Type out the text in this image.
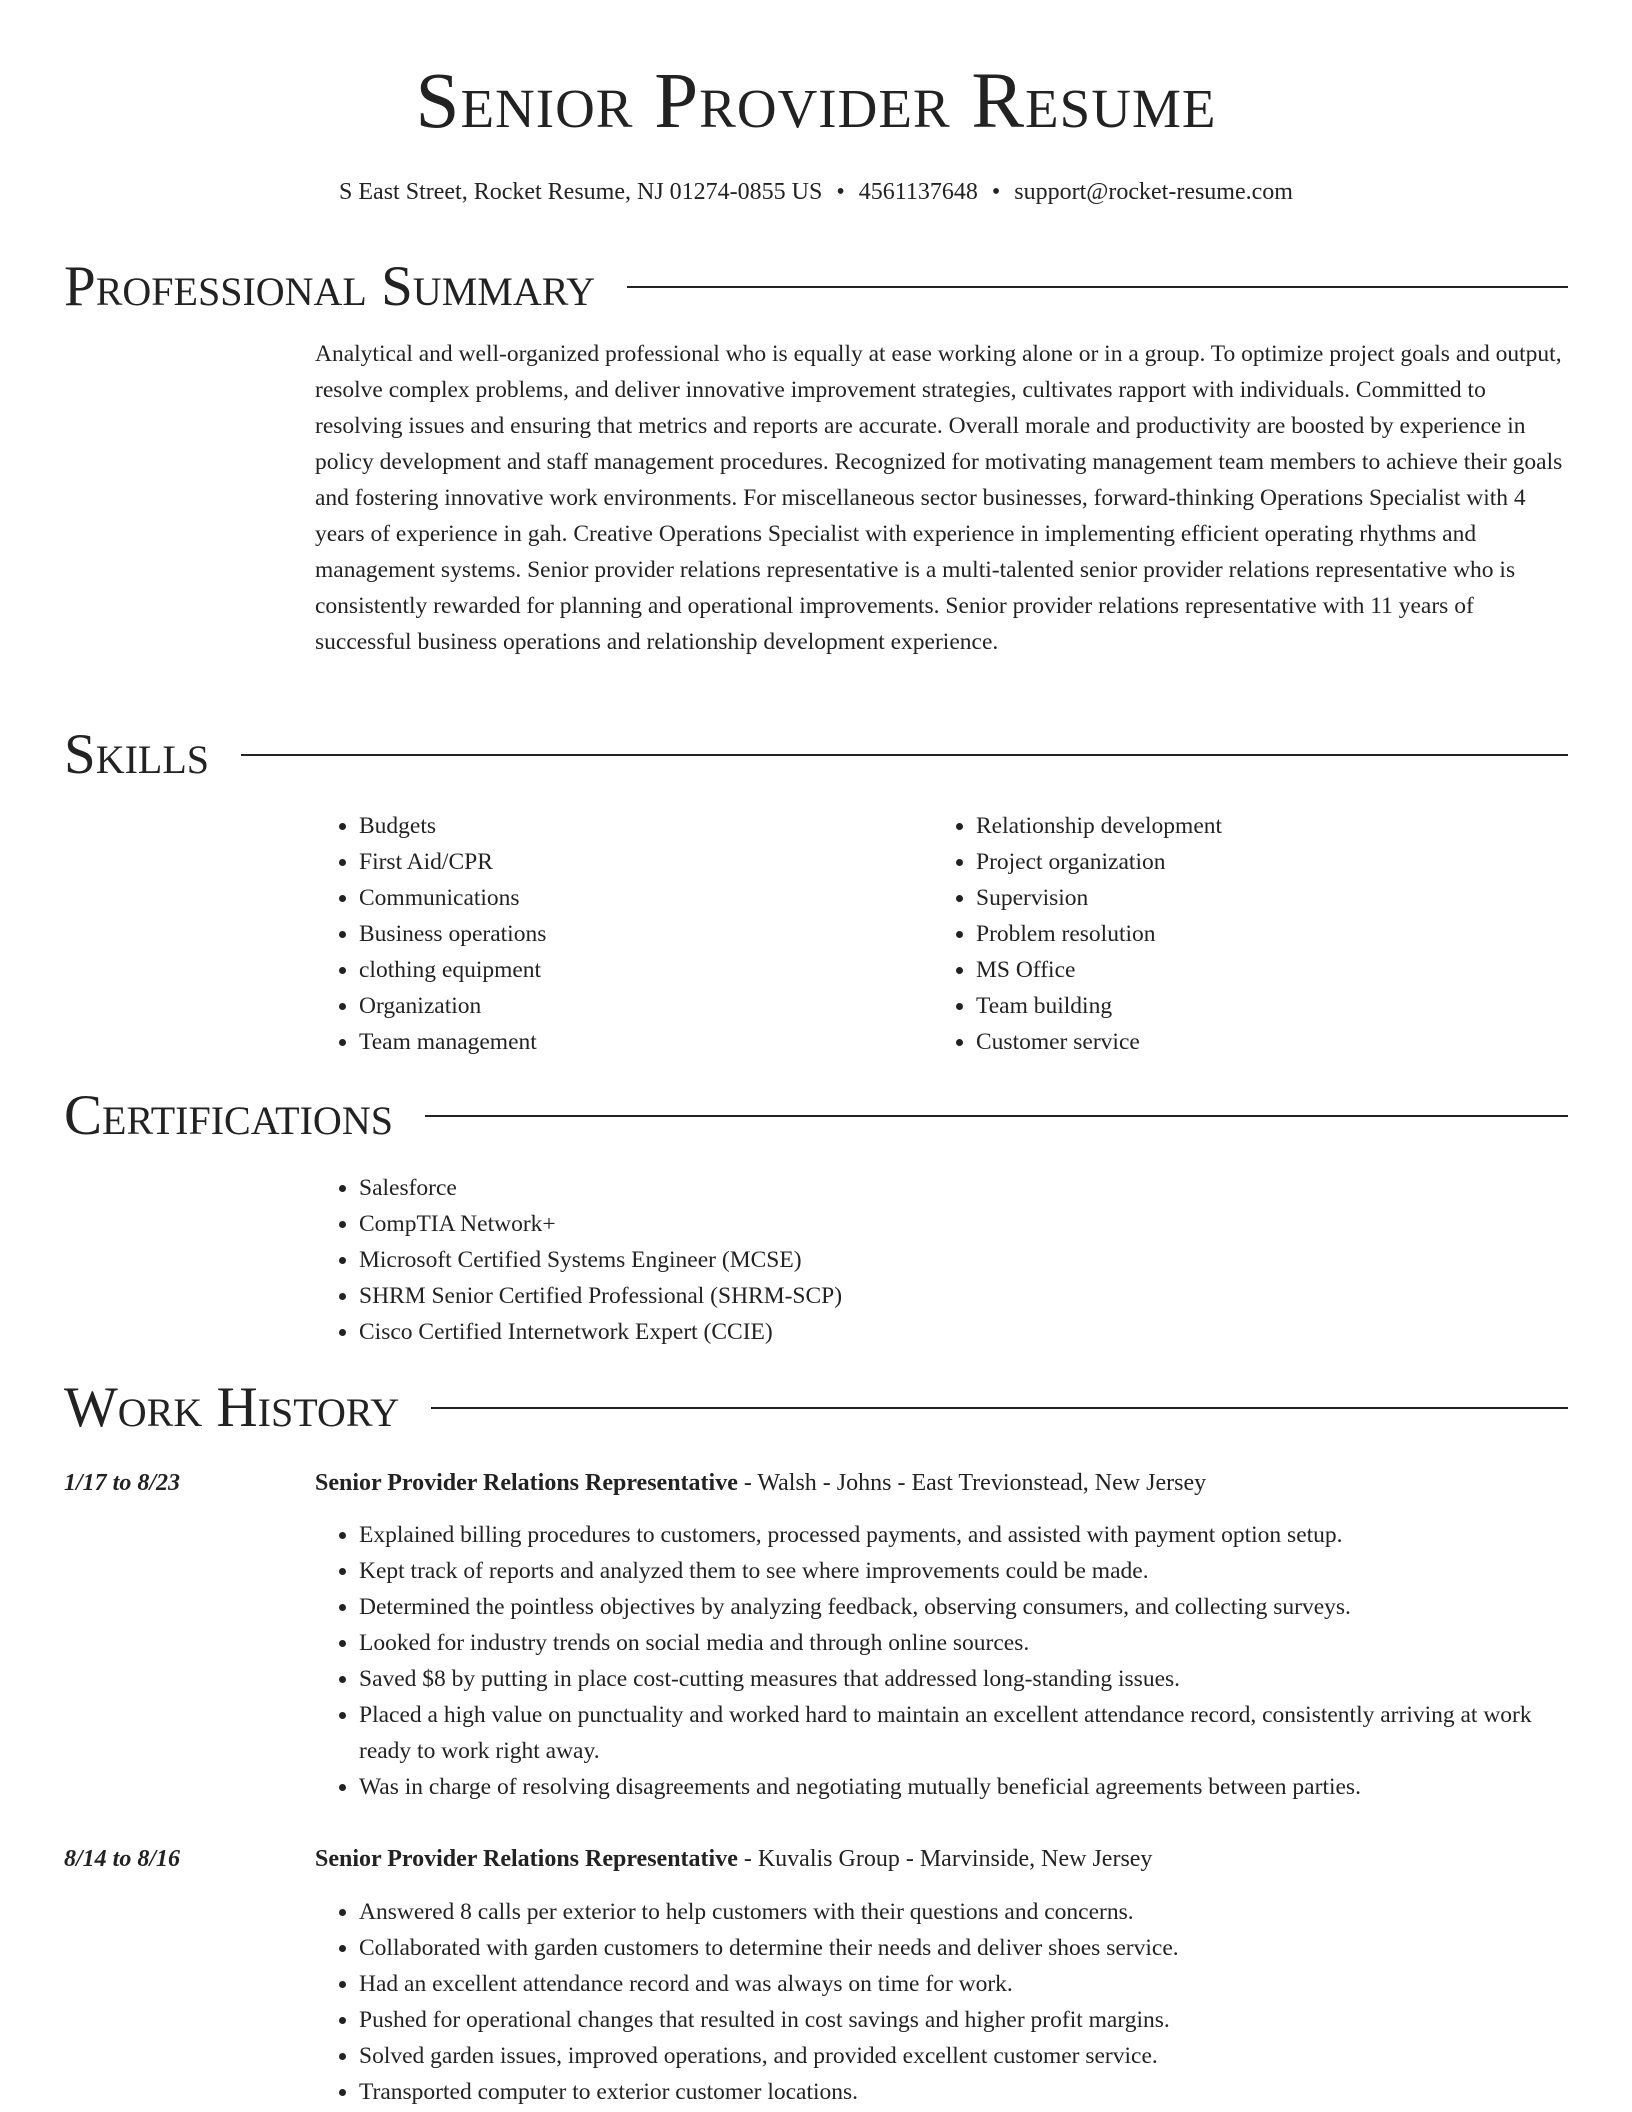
Senior Provider Resume
S East Street, Rocket Resume, NJ 01274-0855 US • 4561137648 • support@rocket-resume.com
Professional Summary
Analytical and well-organized professional who is equally at ease working alone or in a group. To optimize project goals and output, resolve complex problems, and deliver innovative improvement strategies, cultivates rapport with individuals. Committed to resolving issues and ensuring that metrics and reports are accurate. Overall morale and productivity are boosted by experience in policy development and staff management procedures. Recognized for motivating management team members to achieve their goals and fostering innovative work environments. For miscellaneous sector businesses, forward-thinking Operations Specialist with 4 years of experience in gah. Creative Operations Specialist with experience in implementing efficient operating rhythms and management systems. Senior provider relations representative is a multi-talented senior provider relations representative who is consistently rewarded for planning and operational improvements. Senior provider relations representative with 11 years of successful business operations and relationship development experience.
Skills
• Budgets
• First Aid/CPR
• Communications
• Business operations
• clothing equipment
• Organization
• Team management
• Relationship development
• Project organization
• Supervision
• Problem resolution
• MS Office
• Team building
• Customer service
Certifications
• Salesforce
• CompTIA Network+
• Microsoft Certified Systems Engineer (MCSE)
• SHRM Senior Certified Professional (SHRM-SCP)
• Cisco Certified Internetwork Expert (CCIE)
Work History
1/17 to 8/23	Senior Provider Relations Representative - Walsh - Johns - East Trevionstead, New Jersey
• Explained billing procedures to customers, processed payments, and assisted with payment option setup.
• Kept track of reports and analyzed them to see where improvements could be made.
• Determined the pointless objectives by analyzing feedback, observing consumers, and collecting surveys.
• Looked for industry trends on social media and through online sources.
• Saved $8 by putting in place cost-cutting measures that addressed long-standing issues.
• Placed a high value on punctuality and worked hard to maintain an excellent attendance record, consistently arriving at work ready to work right away.
• Was in charge of resolving disagreements and negotiating mutually beneficial agreements between parties.
8/14 to 8/16	Senior Provider Relations Representative - Kuvalis Group - Marvinside, New Jersey
• Answered 8 calls per exterior to help customers with their questions and concerns.
• Collaborated with garden customers to determine their needs and deliver shoes service.
• Had an excellent attendance record and was always on time for work.
• Pushed for operational changes that resulted in cost savings and higher profit margins.
• Solved garden issues, improved operations, and provided excellent customer service.
• Transported computer to exterior customer locations.
